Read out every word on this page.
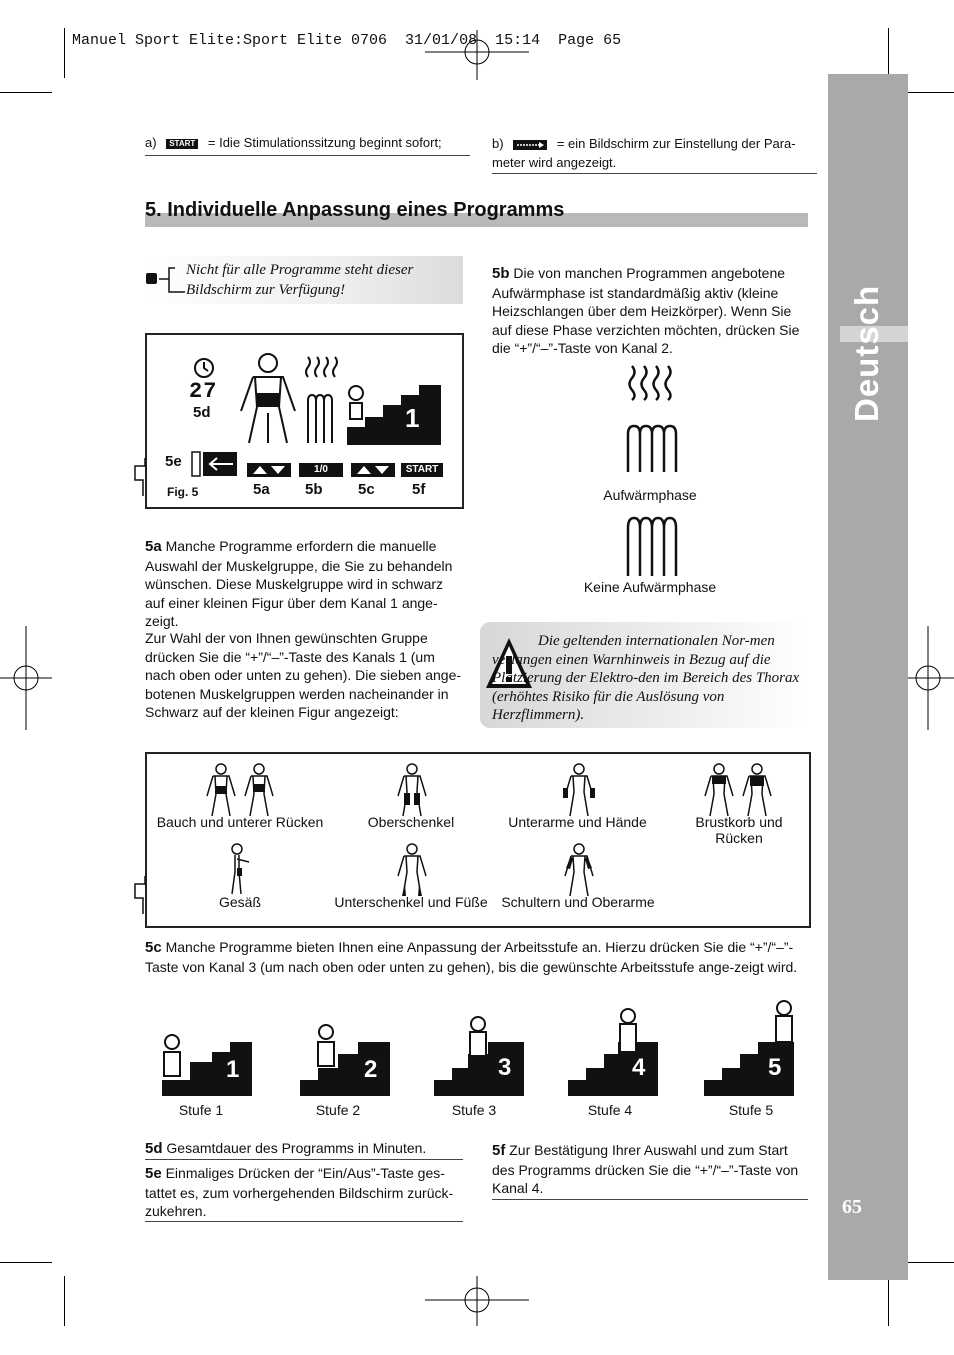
Manuel Sport Elite:Sport Elite 0706  31/01/08  15:14  Page 65
Deutsch
65
a) START = Idie Stimulationssitzung beginnt sofort;	b)	= ein Bildschirm zur Einstellung der Para-meter wird angezeigt.
5. Individuelle Anpassung eines Programms
Nicht für alle Programme steht dieser Bildschirm zur Verfügung!
27
5d	1
5e	1/0	START
Fig. 5	5a 5b 5c 5f
5a Manche Programme erfordern die manuelle Auswahl der Muskelgruppe, die Sie zu behandeln wünschen. Diese Muskelgruppe wird in schwarz auf einer kleinen Figur über dem Kanal 1 ange-zeigt.
Zur Wahl der von Ihnen gewünschten Gruppe drücken Sie die “+”/“–”-Taste des Kanals 1 (um nach oben oder unten zu gehen). Die sieben ange-botenen Muskelgruppen werden nacheinander in Schwarz auf der kleinen Figur angezeigt:
5b Die von manchen Programmen angebotene Aufwärmphase ist standardmäßig aktiv (kleine Heizschlangen über dem Heizkörper). Wenn Sie auf diese Phase verzichten möchten, drücken Sie die “+”/“–”-Taste von Kanal 2.
Aufwärmphase
Keine Aufwärmphase
Die geltenden internationalen Nor-men verlangen einen Warnhinweis in Bezug auf die Platzierung der Elektro-den im Bereich des Thorax (erhöhtes Risiko für die Auslösung von Herzflimmern).
Bauch und unterer Rücken	Oberschenkel	Unterarme und Hände	Brustkorb und Rücken
Gesäß	Unterschenkel und Füße Schultern und Oberarme
5c Manche Programme bieten Ihnen eine Anpassung der Arbeitsstufe an. Hierzu drücken Sie die “+”/“–”-Taste von Kanal 3 (um nach oben oder unten zu gehen), bis die gewünschte Arbeitsstufe ange-zeigt wird.
1	2	3	4	5
Stufe 1	Stufe 2	Stufe 3	Stufe 4	Stufe 5
5d Gesamtdauer des Programms in Minuten.
5e Einmaliges Drücken der “Ein/Aus”-Taste ges-tattet es, zum vorhergehenden Bildschirm zurück-zukehren.
5f Zur Bestätigung Ihrer Auswahl und zum Start des Programms drücken Sie die “+”/“–”-Taste von Kanal 4.
